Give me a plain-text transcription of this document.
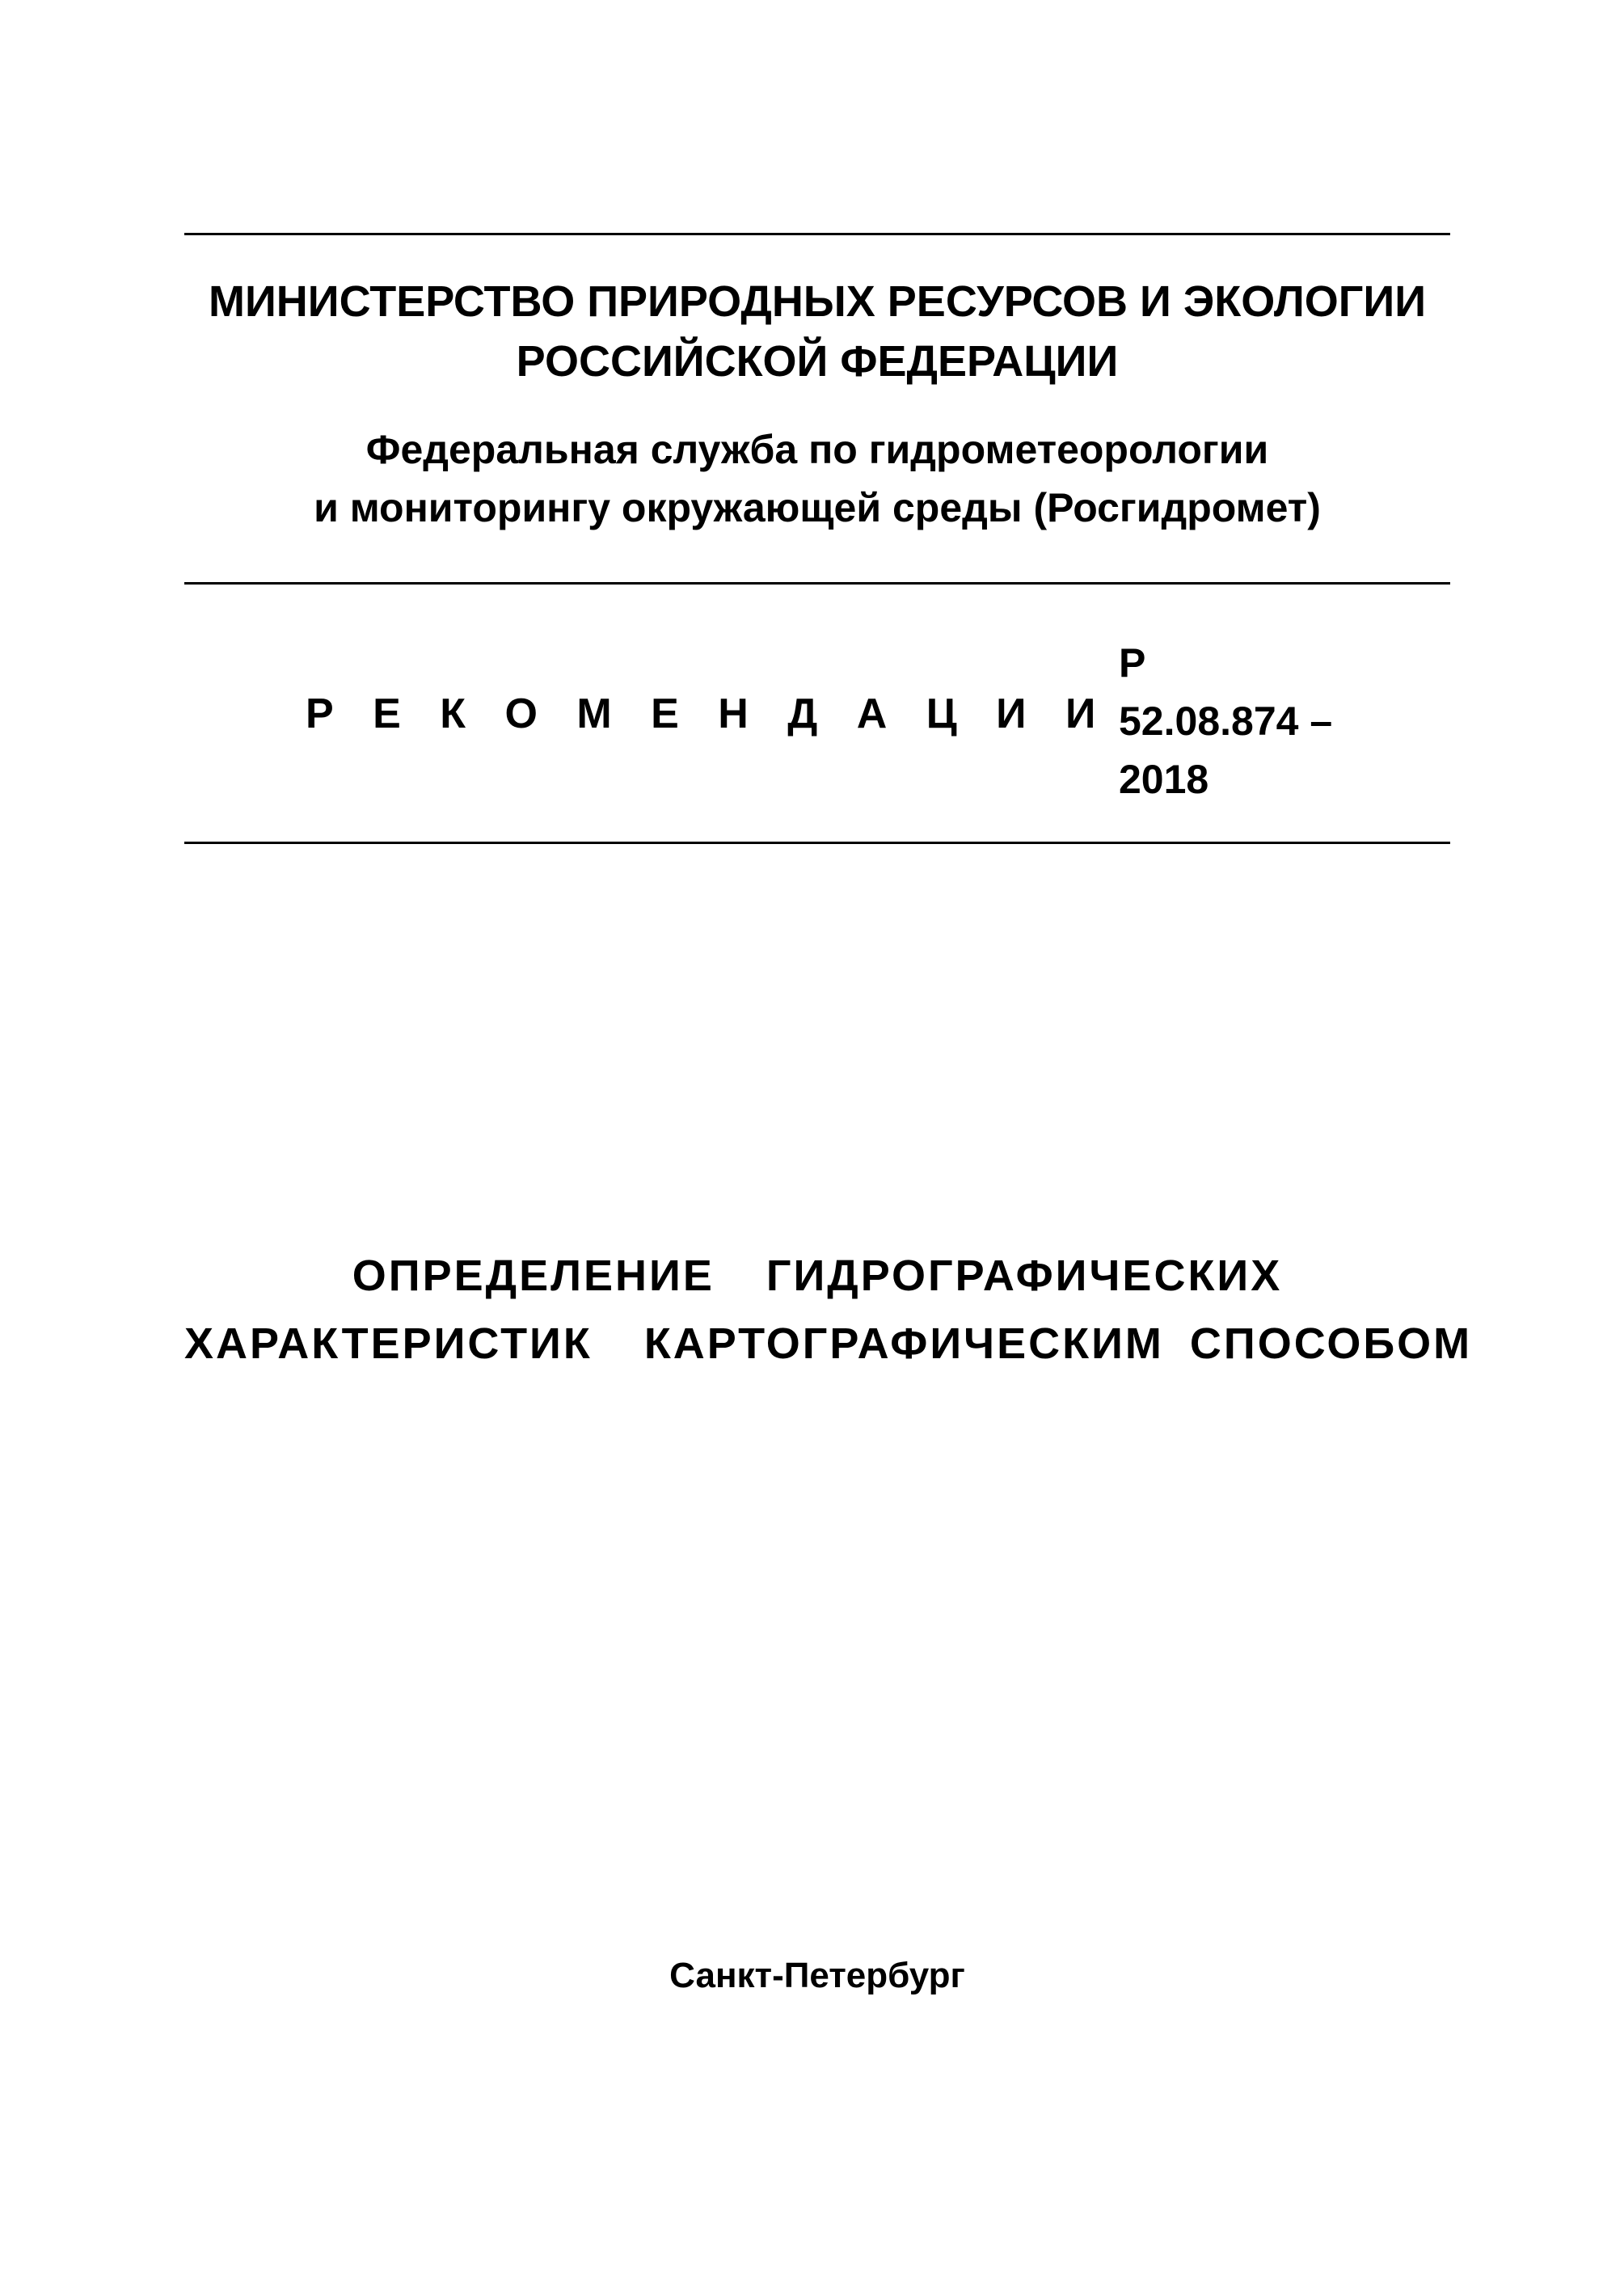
МИНИСТЕРСТВО ПРИРОДНЫХ РЕСУРСОВ И ЭКОЛОГИИ
РОССИЙСКОЙ ФЕДЕРАЦИИ
Федеральная служба по гидрометеорологии
и мониторингу окружающей среды (Росгидромет)
Р Е К О М Е Н Д А Ц И И
Р
52.08.874 –
2018
ОПРЕДЕЛЕНИЕ  ГИДРОГРАФИЧЕСКИХ
ХАРАКТЕРИСТИК  КАРТОГРАФИЧЕСКИМ СПОСОБОМ
Санкт-Петербург
